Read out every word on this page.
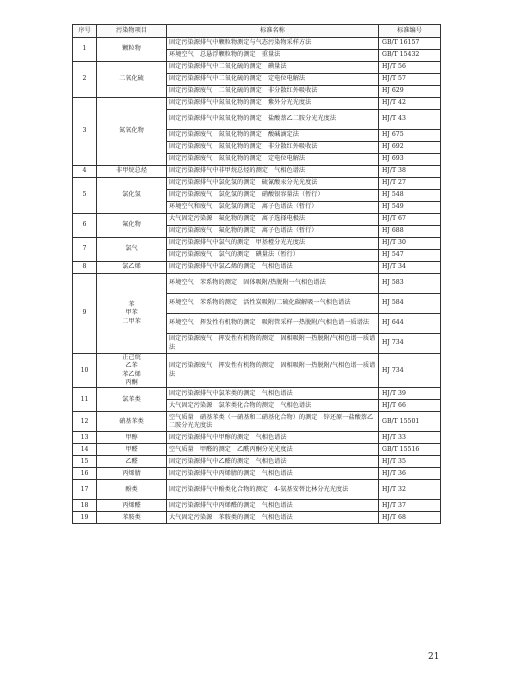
序号	污染物项目	标准名称	标准编号
1	颗粒物	固定污染源排气中颗粒物测定与气态污染物采样方法	GB/T 16157
		环境空气　总悬浮颗粒物的测定　重量法	GB/T 15432
2	二氧化硫	固定污染源排气中二氧化硫的测定　碘量法	HJ/T 56
		固定污染源排气中二氧化硫的测定　定电位电解法	HJ/T 57
		固定污染源废气　二氧化硫的测定　非分散红外吸收法	HJ 629
3	氮氧化物	固定污染源排气中氮氧化物的测定　紫外分光光度法	HJ/T 42
		固定污染源排气中氮氧化物的测定　盐酸萘乙二胺分光光度法	HJ/T 43
		固定污染源废气　氮氧化物的测定　酸碱滴定法	HJ 675
		固定污染源废气　氮氧化物的测定　非分散红外吸收法	HJ 692
		固定污染源废气　氮氧化物的测定　定电位电解法	HJ 693
4	非甲烷总烃	固定污染源排气中非甲烷总烃的测定　气相色谱法	HJ/T 38
5	氯化氢	固定污染源排气中氯化氢的测定　硫氰酸汞分光光度法	HJ/T 27
		固定污染源废气　氯化氢的测定　硝酸银容量法（暂行）	HJ 548
		环境空气和废气　氯化氢的测定　离子色谱法（暂行）	HJ 549
6	氟化物	大气固定污染源　氟化物的测定　离子选择电极法	HJ/T 67
		固定污染源废气　氟化物的测定　离子色谱法（暂行）	HJ 688
7	氯气	固定污染源排气中氯气的测定　甲基橙分光光度法	HJ/T 30
		固定污染源废气　氯气的测定　碘量法（暂行）	HJ 547
8	氯乙烯	固定污染源排气中氯乙烯的测定　气相色谱法	HJ/T 34
9	苯
甲苯
二甲苯	环境空气　苯系物的测定　固体吸附/热脱附一气相色谱法	HJ 583
		环境空气　苯系物的测定　活性炭吸附/二硫化碳解吸一气相色谱法	HJ 584
		环境空气　挥发性有机物的测定　吸附管采样一热脱附/气相色谱一质谱法	HJ 644
		固定污染源废气　挥发性有机物的测定　固相吸附一热脱附/气相色谱一质谱法	HJ 734
10	正己烷
乙苯
苯乙烯
丙酮	固定污染源废气　挥发性有机物的测定　固相吸附一热脱附/气相色谱一质谱法	HJ 734
11	氯苯类	固定污染源排气中氯苯类的测定　气相色谱法	HJ/T 39
		大气固定污染源　氯苯类化合物的测定　气相色谱法	HJ/T 66
12	硝基苯类	空气质量　硝基苯类（一硝基和二硝基化合物）的测定　锌还原一盐酸萘乙二胺分光光度法	GB/T 15501
13	甲醇	固定污染源排气中甲醇的测定　气相色谱法	HJ/T 33
14	甲醛	空气质量　甲醛的测定　乙酰丙酮分光光度法	GB/T 15516
15	乙醛	固定污染源排气中乙醛的测定　气相色谱法	HJ/T 35
16	丙烯腈	固定污染源排气中丙烯腈的测定　气相色谱法	HJ/T 36
17	酚类	固定污染源排气中酚类化合物的测定　4-氨基安替比林分光光度法	HJ/T 32
18	丙烯醛	固定污染源排气中丙烯醛的测定　气相色谱法	HJ/T 37
19	苯胺类	大气固定污染源　苯胺类的测定　气相色谱法	HJ/T 68
21
